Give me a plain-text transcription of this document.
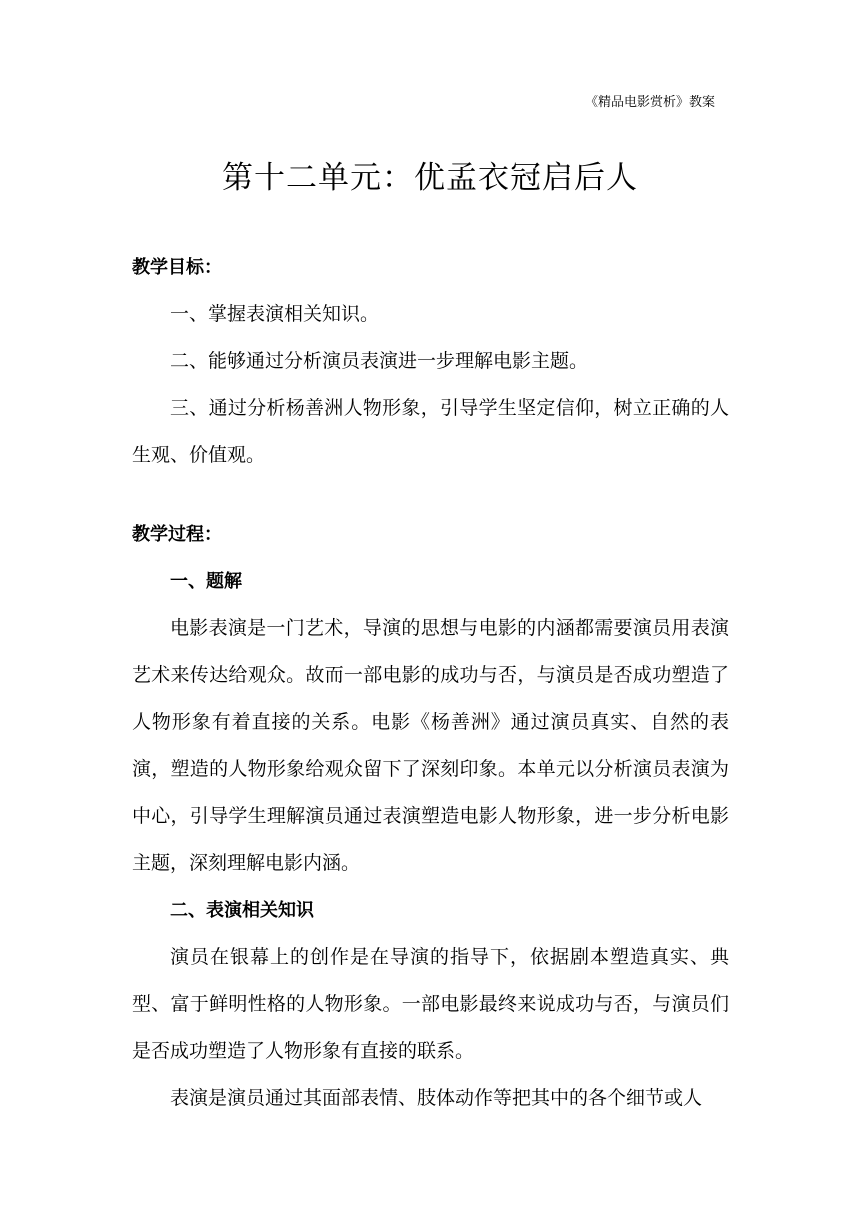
《精品电影赏析》教案
第十二单元：优孟衣冠启后人

教学目标：

一、掌握表演相关知识。

二、能够通过分析演员表演进一步理解电影主题。

三、通过分析杨善洲人物形象，引导学生坚定信仰，树立正确的人生观、价值观。

教学过程：

一、题解

电影表演是一门艺术，导演的思想与电影的内涵都需要演员用表演艺术来传达给观众。故而一部电影的成功与否，与演员是否成功塑造了人物形象有着直接的关系。电影《杨善洲》通过演员真实、自然的表演，塑造的人物形象给观众留下了深刻印象。本单元以分析演员表演为中心，引导学生理解演员通过表演塑造电影人物形象，进一步分析电影主题，深刻理解电影内涵。

二、表演相关知识

演员在银幕上的创作是在导演的指导下，依据剧本塑造真实、典型、富于鲜明性格的人物形象。一部电影最终来说成功与否，与演员们是否成功塑造了人物形象有直接的联系。

表演是演员通过其面部表情、肢体动作等把其中的各个细节或人
